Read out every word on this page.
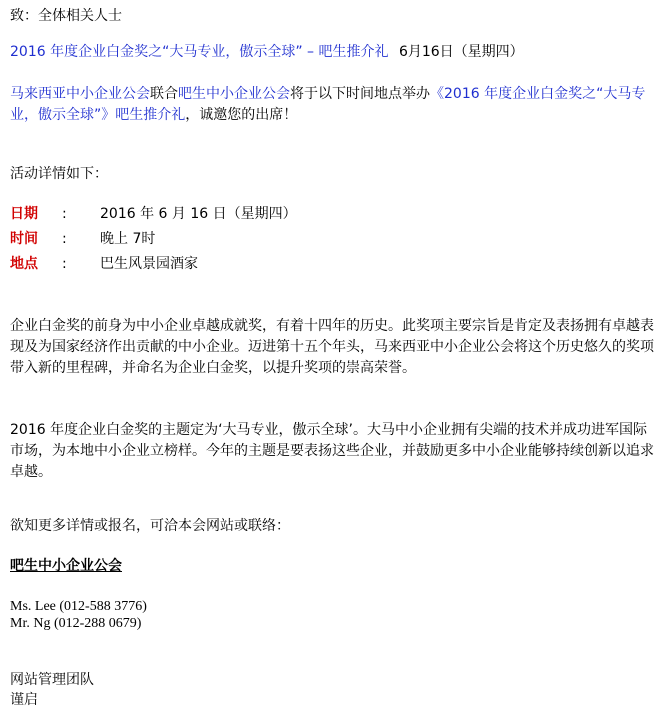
致：全体相关人士
2016 年度企业白金奖之“大马专业，傲示全球” – 吧生推介礼 6月16日（星期四）
马来西亚中小企业公会联合吧生中小企业公会将于以下时间地点举办《2016 年度企业白金奖之“大马专业，傲示全球”》吧生推介礼，诚邀您的出席！
活动详情如下：
日期 : 2016 年 6 月 16 日（星期四）
时间 : 晚上 7时
地点 : 巴生风景园酒家
企业白金奖的前身为中小企业卓越成就奖，有着十四年的历史。此奖项主要宗旨是肯定及表扬拥有卓越表现及为国家经济作出贡献的中小企业。迈进第十五个年头，马来西亚中小企业公会将这个历史悠久的奖项带入新的里程碑，并命名为企业白金奖，以提升奖项的崇高荣誉。
2016 年度企业白金奖的主题定为‘大马专业，傲示全球’。大马中小企业拥有尖端的技术并成功进军国际市场，为本地中小企业立榜样。今年的主题是要表扬这些企业，并鼓励更多中小企业能够持续创新以追求卓越。
欲知更多详情或报名，可洽本会网站或联络：
吧生中小企业公会
Ms. Lee (012-588 3776)
Mr. Ng (012-288 0679)
网站管理团队
谨启
